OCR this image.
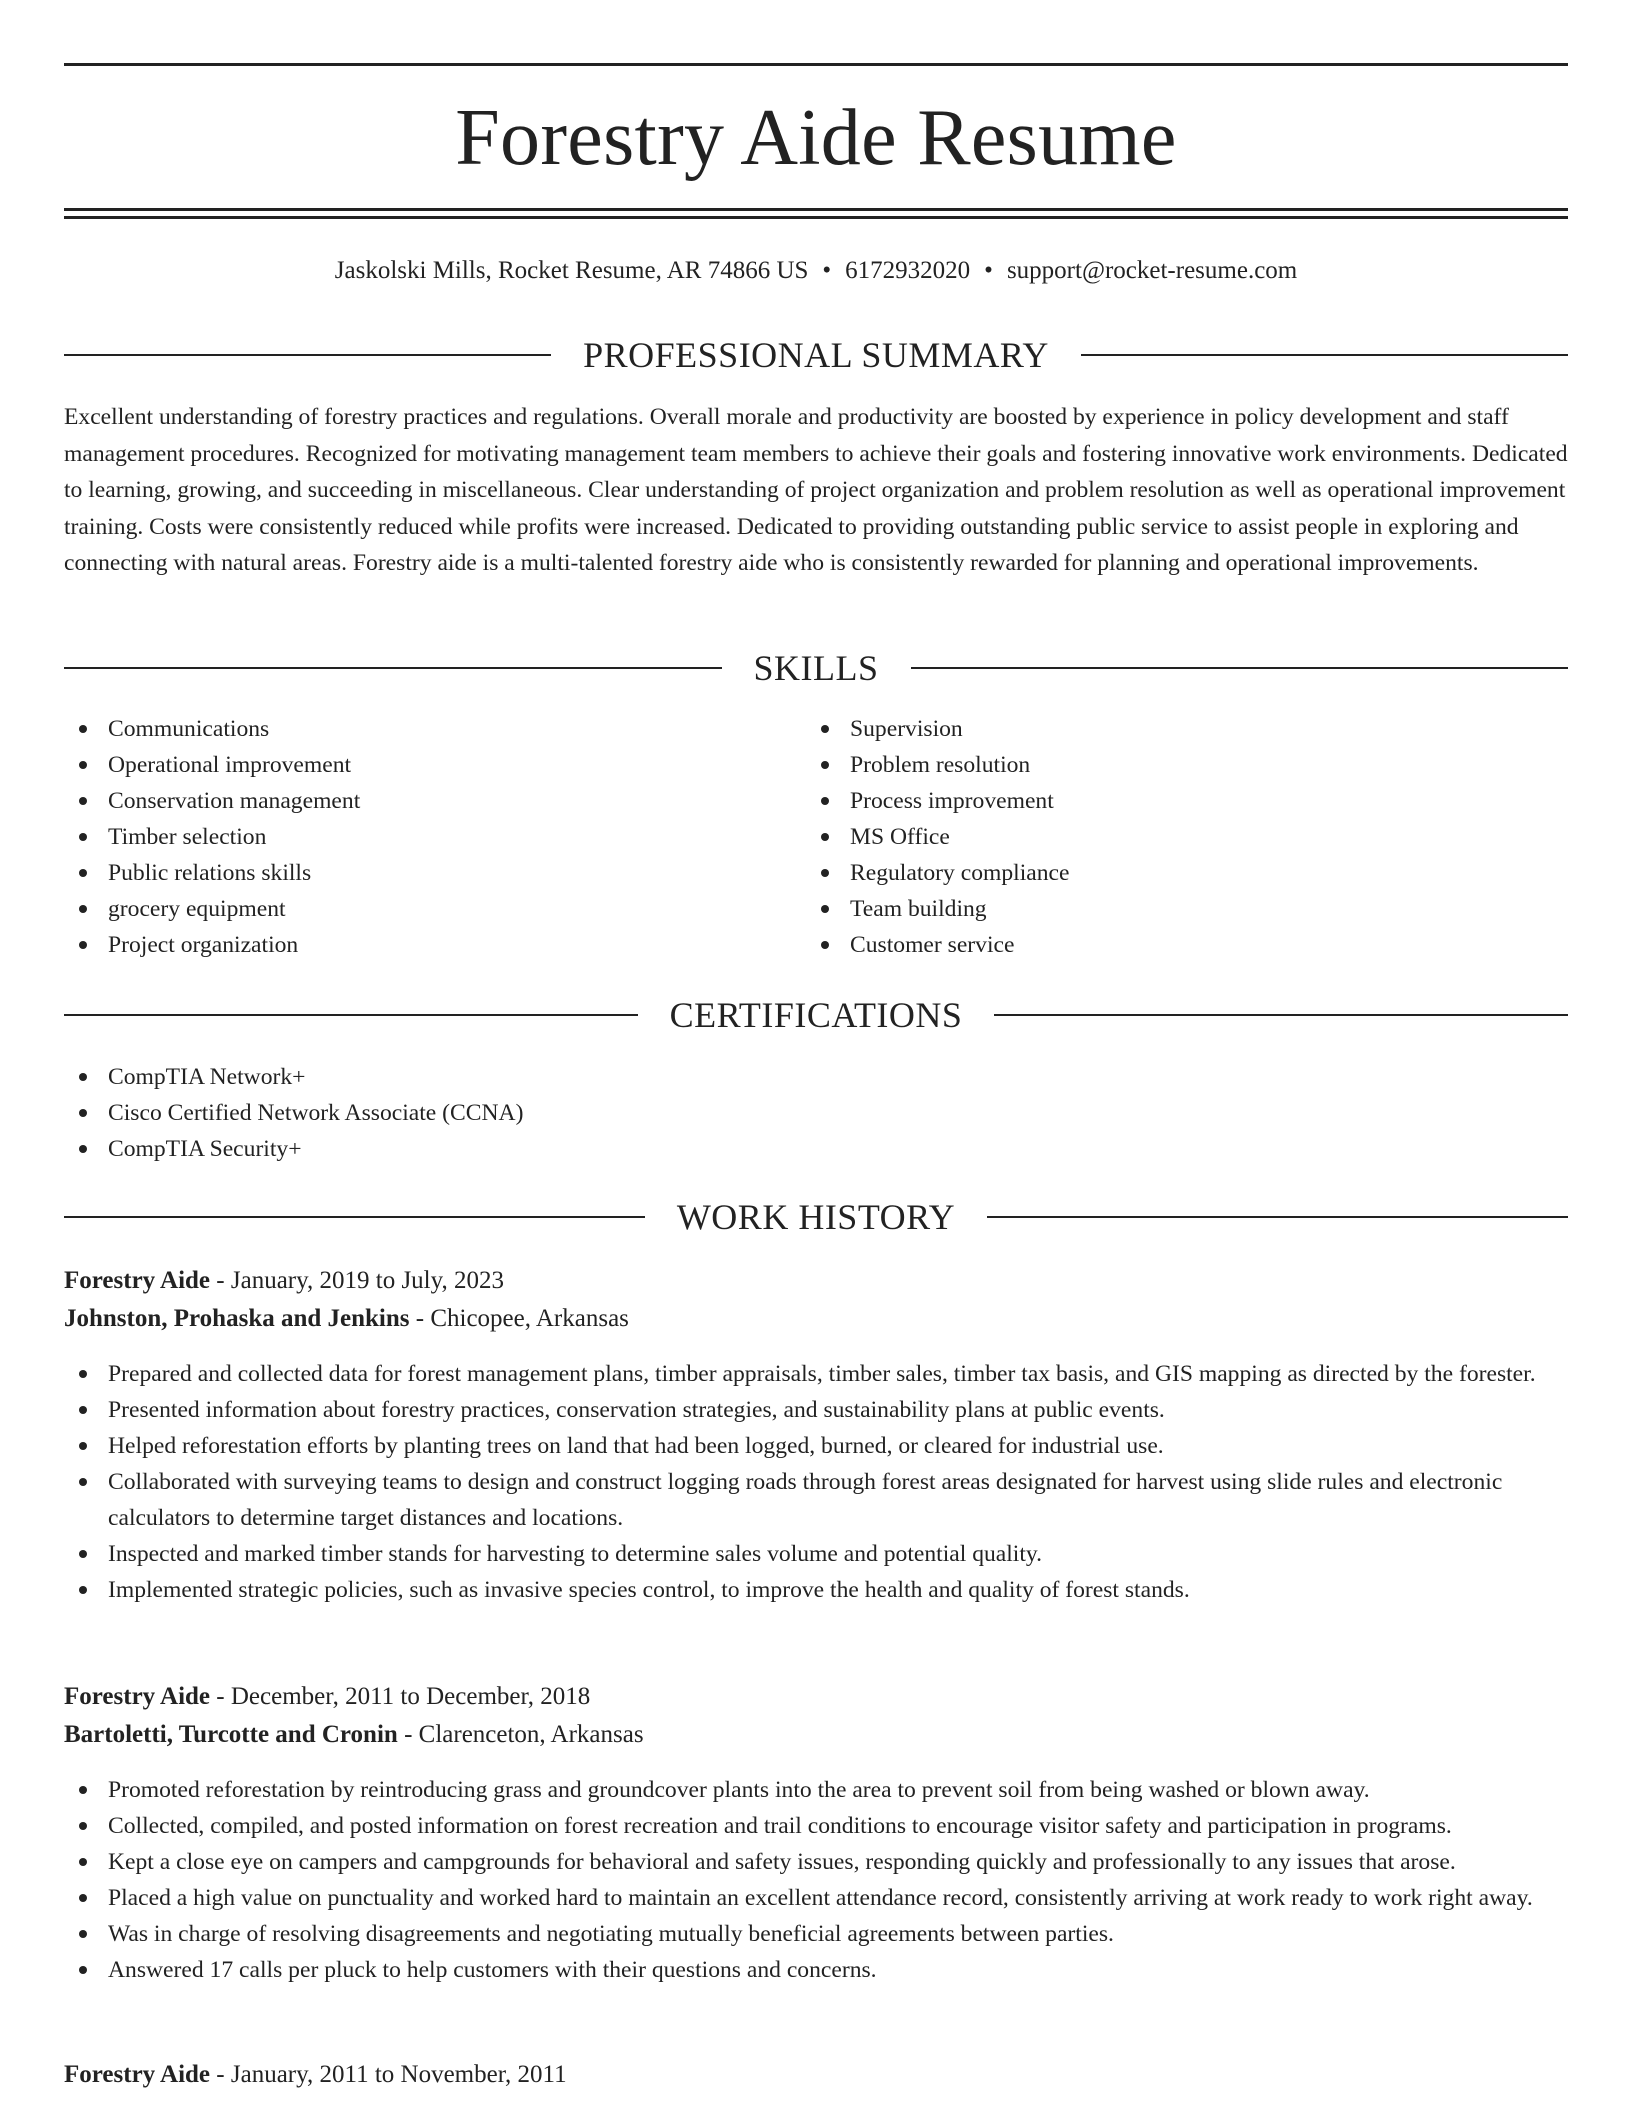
Forestry Aide Resume
Jaskolski Mills, Rocket Resume, AR 74866 US • 6172932020 • support@rocket-resume.com
PROFESSIONAL SUMMARY

Excellent understanding of forestry practices and regulations. Overall morale and productivity are boosted by experience in policy development and staff management procedures. Recognized for motivating management team members to achieve their goals and fostering innovative work environments. Dedicated to learning, growing, and succeeding in miscellaneous. Clear understanding of project organization and problem resolution as well as operational improvement training. Costs were consistently reduced while profits were increased. Dedicated to providing outstanding public service to assist people in exploring and connecting with natural areas. Forestry aide is a multi-talented forestry aide who is consistently rewarded for planning and operational improvements.

SKILLS
Communications
Operational improvement
Conservation management
Timber selection
Public relations skills
grocery equipment
Project organization
Supervision
Problem resolution
Process improvement
MS Office
Regulatory compliance
Team building
Customer service
CERTIFICATIONS
CompTIA Network+
Cisco Certified Network Associate (CCNA)
CompTIA Security+
WORK HISTORY
Forestry Aide - January, 2019 to July, 2023
Johnston, Prohaska and Jenkins - Chicopee, Arkansas
Prepared and collected data for forest management plans, timber appraisals, timber sales, timber tax basis, and GIS mapping as directed by the forester.
Presented information about forestry practices, conservation strategies, and sustainability plans at public events.
Helped reforestation efforts by planting trees on land that had been logged, burned, or cleared for industrial use.
Collaborated with surveying teams to design and construct logging roads through forest areas designated for harvest using slide rules and electronic calculators to determine target distances and locations.
Inspected and marked timber stands for harvesting to determine sales volume and potential quality.
Implemented strategic policies, such as invasive species control, to improve the health and quality of forest stands.
Forestry Aide - December, 2011 to December, 2018
Bartoletti, Turcotte and Cronin - Clarenceton, Arkansas
Promoted reforestation by reintroducing grass and groundcover plants into the area to prevent soil from being washed or blown away.
Collected, compiled, and posted information on forest recreation and trail conditions to encourage visitor safety and participation in programs.
Kept a close eye on campers and campgrounds for behavioral and safety issues, responding quickly and professionally to any issues that arose.
Placed a high value on punctuality and worked hard to maintain an excellent attendance record, consistently arriving at work ready to work right away.
Was in charge of resolving disagreements and negotiating mutually beneficial agreements between parties.
Answered 17 calls per pluck to help customers with their questions and concerns.
Forestry Aide - January, 2011 to November, 2011
